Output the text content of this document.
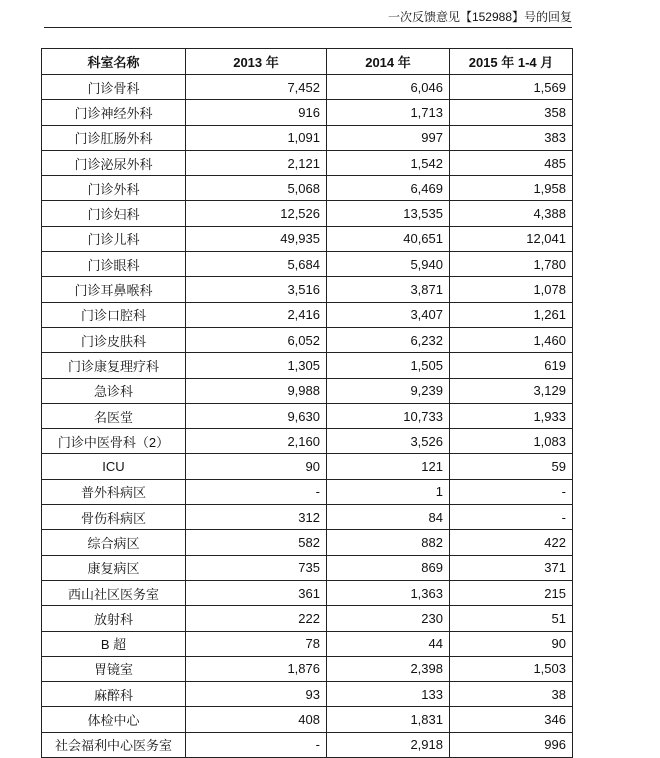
一次反馈意见【152988】号的回复
科室名称	2013 年	2014 年	2015 年 1-4 月
门诊骨科	7,452	6,046	1,569
门诊神经外科	916	1,713	358
门诊肛肠外科	1,091	997	383
门诊泌尿外科	2,121	1,542	485
门诊外科	5,068	6,469	1,958
门诊妇科	12,526	13,535	4,388
门诊儿科	49,935	40,651	12,041
门诊眼科	5,684	5,940	1,780
门诊耳鼻喉科	3,516	3,871	1,078
门诊口腔科	2,416	3,407	1,261
门诊皮肤科	6,052	6,232	1,460
门诊康复理疗科	1,305	1,505	619
急诊科	9,988	9,239	3,129
名医堂	9,630	10,733	1,933
门诊中医骨科（2）	2,160	3,526	1,083
ICU	90	121	59
普外科病区	-	1	-
骨伤科病区	312	84	-
综合病区	582	882	422
康复病区	735	869	371
西山社区医务室	361	1,363	215
放射科	222	230	51
B 超	78	44	90
胃镜室	1,876	2,398	1,503
麻醉科	93	133	38
体检中心	408	1,831	346
社会福利中心医务室	-	2,918	996
